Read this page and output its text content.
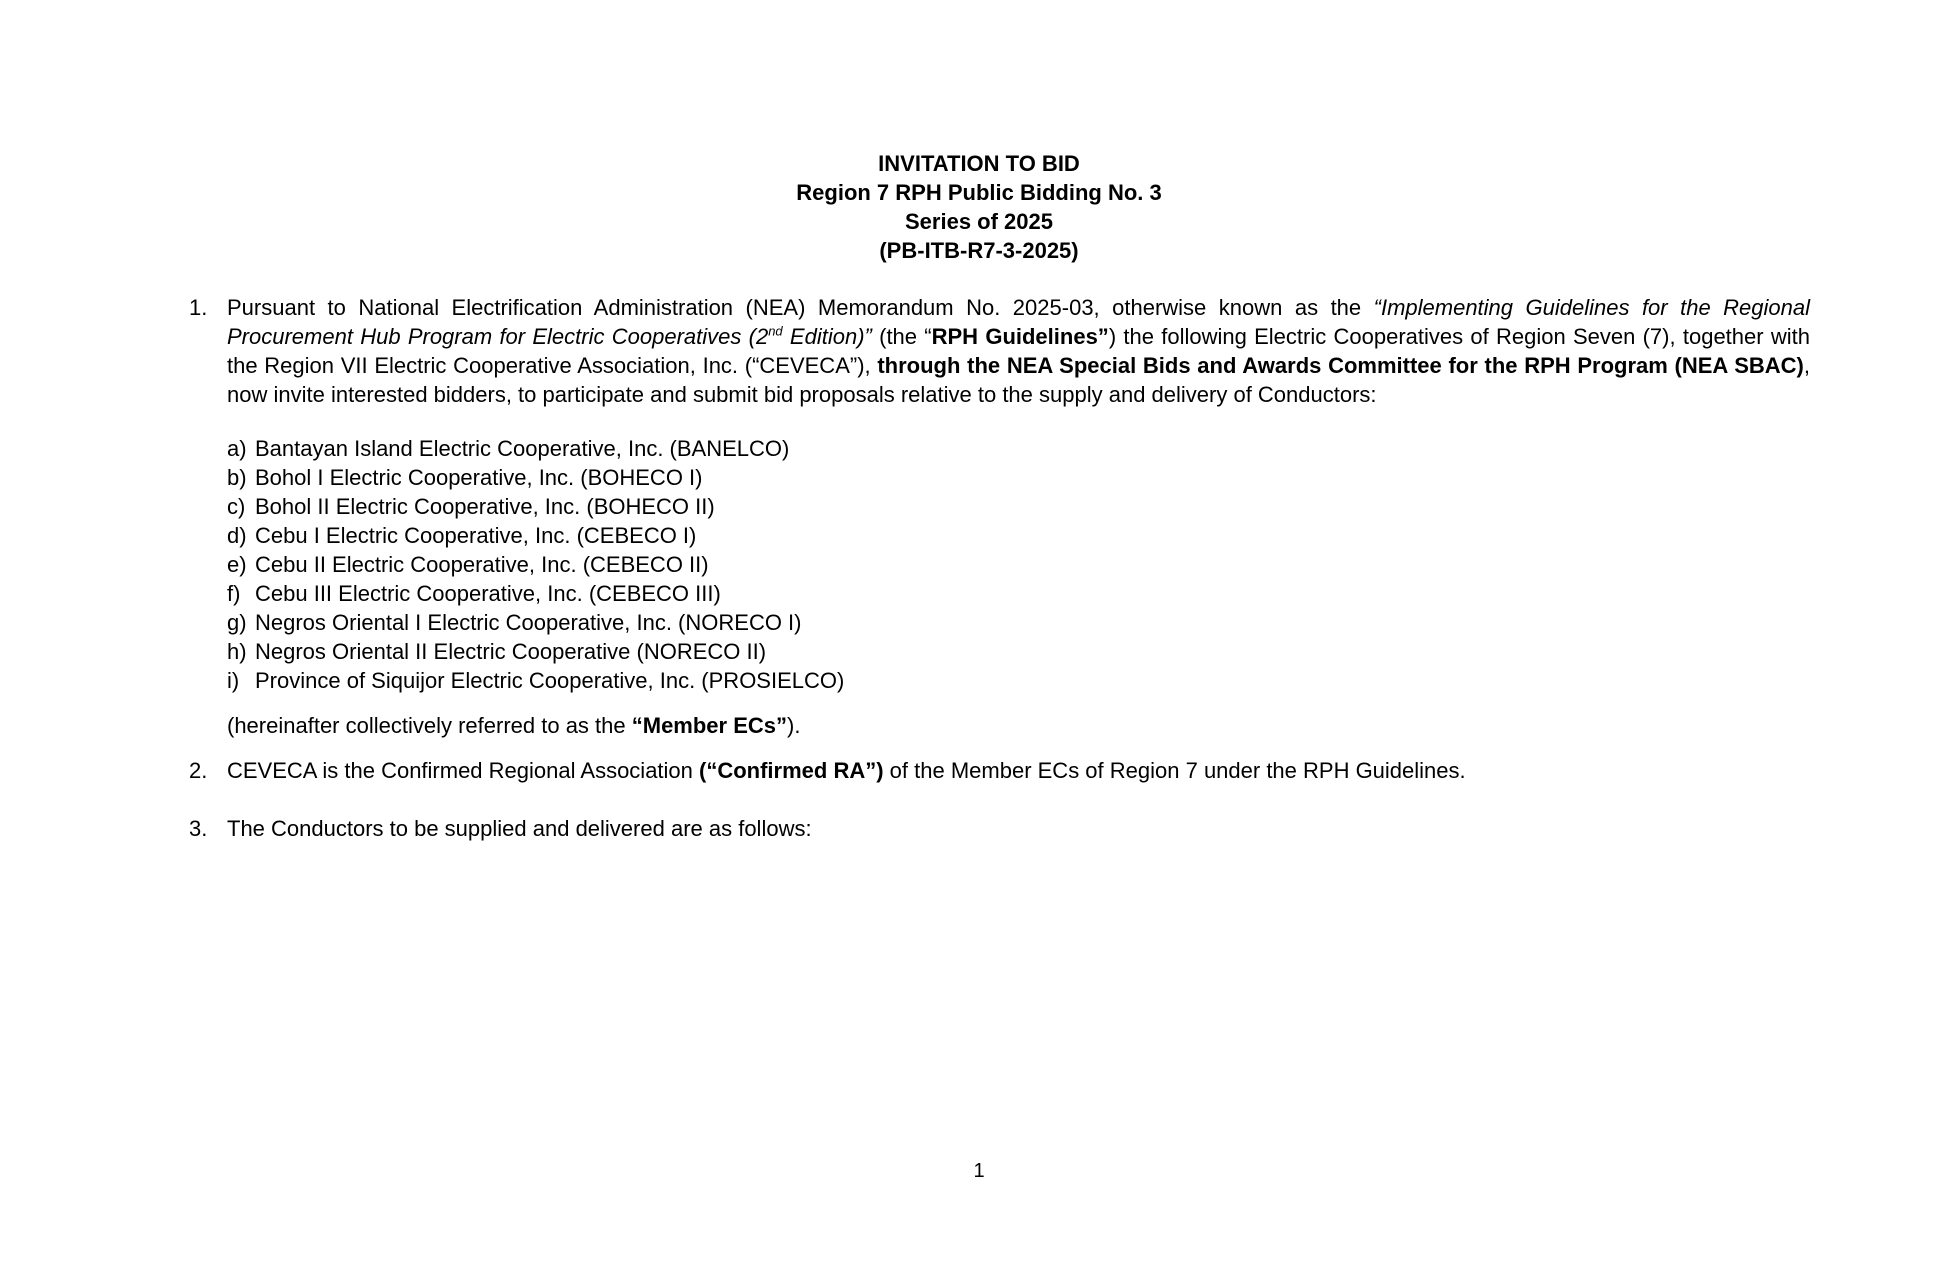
INVITATION TO BID
Region 7 RPH Public Bidding No. 3
Series of 2025
(PB-ITB-R7-3-2025)
1. Pursuant to National Electrification Administration (NEA) Memorandum No. 2025-03, otherwise known as the “Implementing Guidelines for the Regional Procurement Hub Program for Electric Cooperatives (2nd Edition)” (the “RPH Guidelines”) the following Electric Cooperatives of Region Seven (7), together with the Region VII Electric Cooperative Association, Inc. (“CEVECA”), through the NEA Special Bids and Awards Committee for the RPH Program (NEA SBAC), now invite interested bidders, to participate and submit bid proposals relative to the supply and delivery of Conductors:
a) Bantayan Island Electric Cooperative, Inc. (BANELCO)
b) Bohol I Electric Cooperative, Inc. (BOHECO I)
c) Bohol II Electric Cooperative, Inc. (BOHECO II)
d) Cebu I Electric Cooperative, Inc. (CEBECO I)
e) Cebu II Electric Cooperative, Inc. (CEBECO II)
f) Cebu III Electric Cooperative, Inc. (CEBECO III)
g) Negros Oriental I Electric Cooperative, Inc. (NORECO I)
h) Negros Oriental II Electric Cooperative (NORECO II)
i) Province of Siquijor Electric Cooperative, Inc. (PROSIELCO)
(hereinafter collectively referred to as the “Member ECs”).
2. CEVECA is the Confirmed Regional Association (“Confirmed RA”) of the Member ECs of Region 7 under the RPH Guidelines.
3. The Conductors to be supplied and delivered are as follows:
1
